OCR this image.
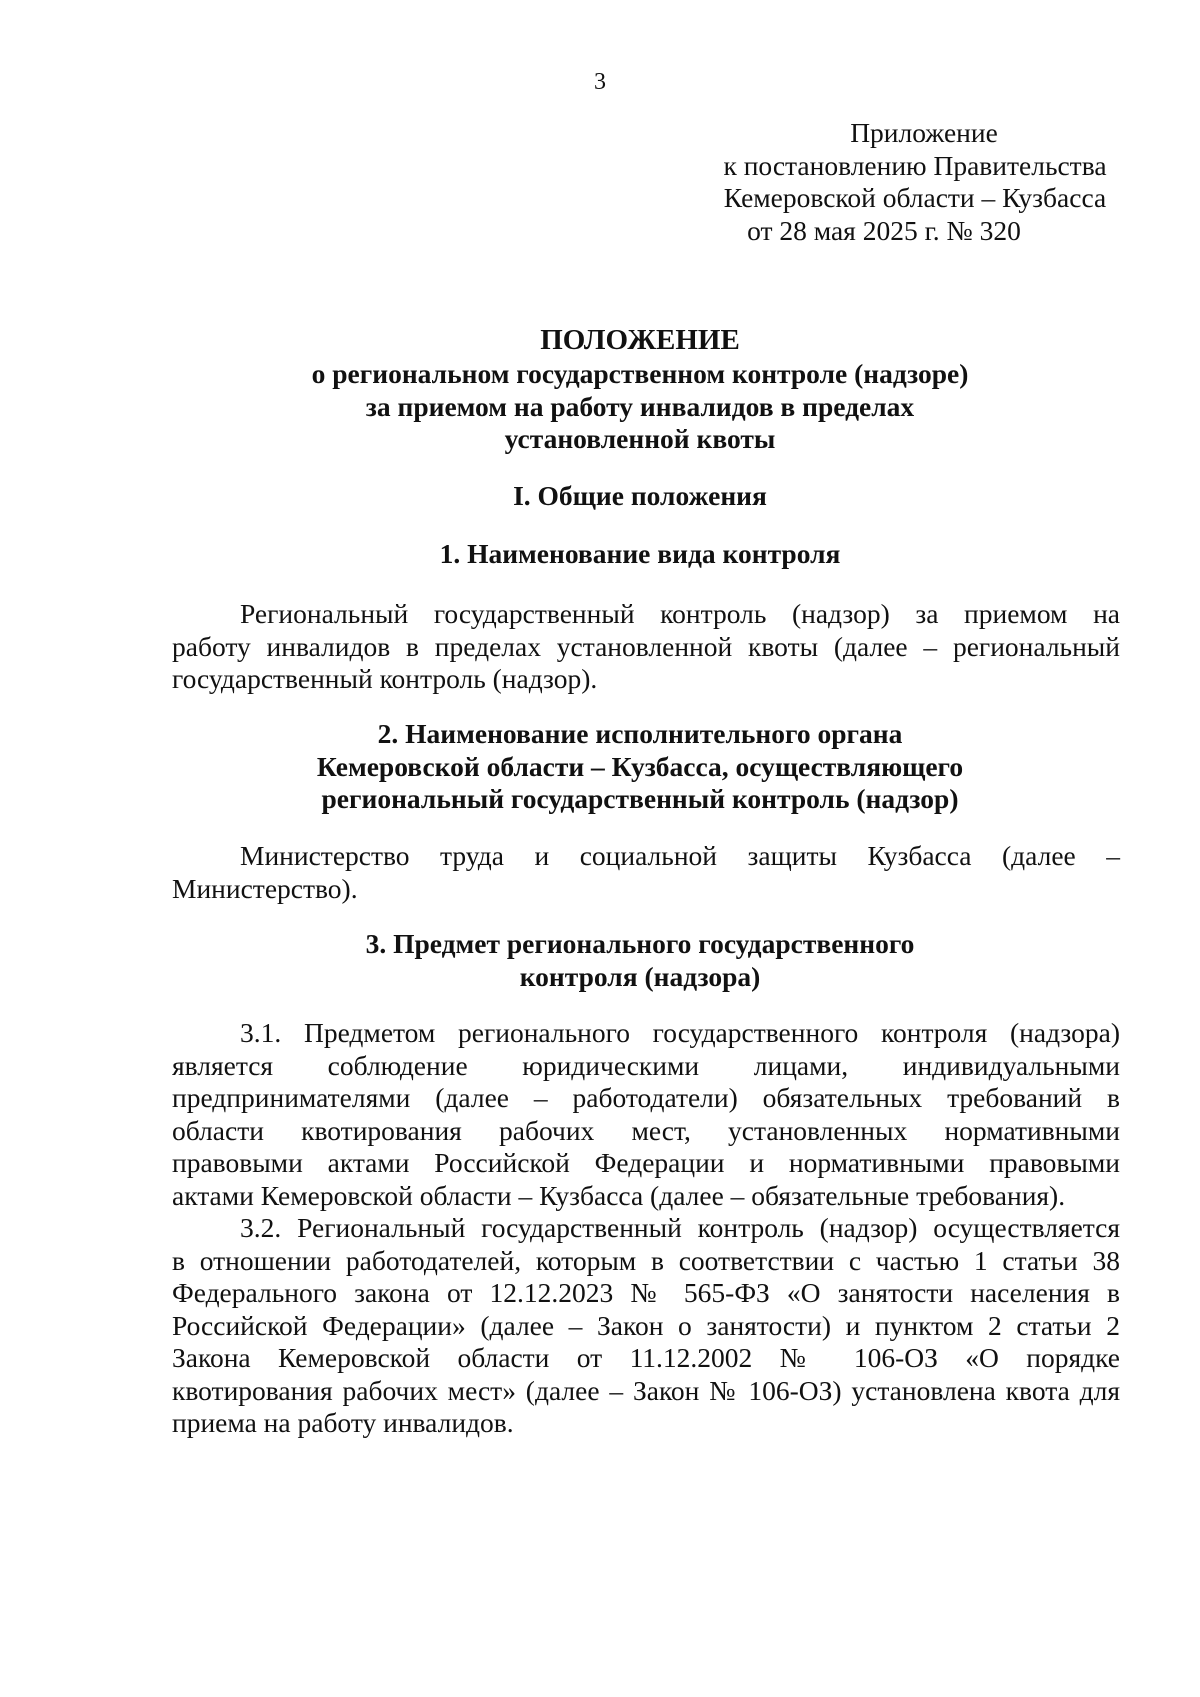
3
Приложение
к постановлению Правительства
Кемеровской области – Кузбасса
от 28 мая 2025 г. № 320
ПОЛОЖЕНИЕ
о региональном государственном контроле (надзоре)
за приемом на работу инвалидов в пределах
установленной квоты
I. Общие положения
1. Наименование вида контроля
Региональный государственный контроль (надзор) за приемом на
работу инвалидов в пределах установленной квоты (далее – региональный
государственный контроль (надзор).
2. Наименование исполнительного органа
Кемеровской области – Кузбасса, осуществляющего
региональный государственный контроль (надзор)
Министерство труда и социальной защиты Кузбасса (далее –
Министерство).
3. Предмет регионального государственного
контроля (надзора)
3.1. Предметом регионального государственного контроля (надзора)
является соблюдение юридическими лицами, индивидуальными
предпринимателями (далее – работодатели) обязательных требований в
области квотирования рабочих мест, установленных нормативными
правовыми актами Российской Федерации и нормативными правовыми
актами Кемеровской области – Кузбасса (далее – обязательные требования).
3.2. Региональный государственный контроль (надзор) осуществляется
в отношении работодателей, которым в соответствии с частью 1 статьи 38
Федерального закона от 12.12.2023 № 565-ФЗ «О занятости населения в
Российской Федерации» (далее – Закон о занятости) и пунктом 2 статьи 2
Закона Кемеровской области от 11.12.2002 № 106-ОЗ «О порядке
квотирования рабочих мест» (далее – Закон № 106-ОЗ) установлена квота для
приема на работу инвалидов.
